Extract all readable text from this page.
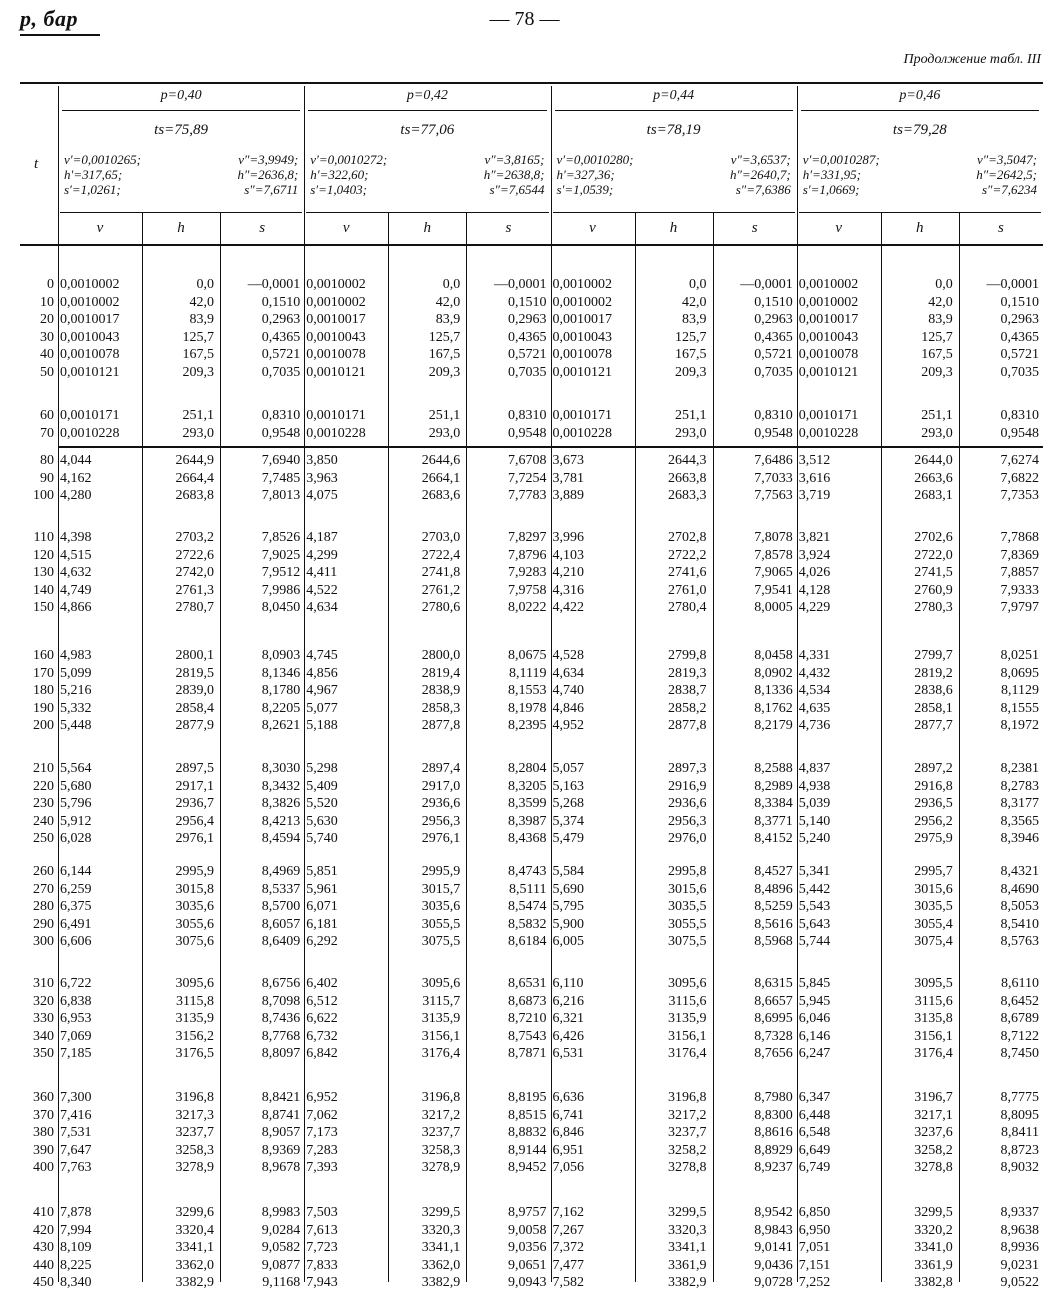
p, бар	— 78 —
Продолжение табл. III
t
p=0,40
ts=75,89
v′=0,0010265;	v″=3,9949;
h′=317,65;	h″=2636,8;
s′=1,0261;	s″=7,6711
v	h	s
p=0,42
ts=77,06
v′=0,0010272;	v″=3,8165;
h′=322,60;	h″=2638,8;
s′=1,0403;	s″=7,6544
v	h	s
p=0,44
ts=78,19
v′=0,0010280;	v″=3,6537;
h′=327,36;	h″=2640,7;
s′=1,0539;	s″=7,6386
v	h	s
p=0,46
ts=79,28
v′=0,0010287;	v″=3,5047;
h′=331,95;	h″=2642,5;
s′=1,0669;	s″=7,6234
v	h	s
0 0,0010002	0,0	—0,0001 0,0010002	0,0	—0,0001 0,0010002	0,0	—0,0001 0,0010002	0,0	—0,0001
10 0,0010002	42,0	0,1510 0,0010002	42,0	0,1510 0,0010002	42,0	0,1510 0,0010002	42,0	0,1510
20 0,0010017	83,9	0,2963 0,0010017	83,9	0,2963 0,0010017	83,9	0,2963 0,0010017	83,9	0,2963
30 0,0010043	125,7	0,4365 0,0010043	125,7	0,4365 0,0010043	125,7	0,4365 0,0010043	125,7	0,4365
40 0,0010078	167,5	0,5721 0,0010078	167,5	0,5721 0,0010078	167,5	0,5721 0,0010078	167,5	0,5721
50 0,0010121	209,3	0,7035 0,0010121	209,3	0,7035 0,0010121	209,3	0,7035 0,0010121	209,3	0,7035
60 0,0010171	251,1	0,8310 0,0010171	251,1	0,8310 0,0010171	251,1	0,8310 0,0010171	251,1	0,8310
70 0,0010228	293,0	0,9548 0,0010228	293,0	0,9548 0,0010228	293,0	0,9548 0,0010228	293,0	0,9548
80 4,044	2644,9	7,6940 3,850	2644,6	7,6708 3,673	2644,3	7,6486 3,512	2644,0	7,6274
90 4,162	2664,4	7,7485 3,963	2664,1	7,7254 3,781	2663,8	7,7033 3,616	2663,6	7,6822
100 4,280	2683,8	7,8013 4,075	2683,6	7,7783 3,889	2683,3	7,7563 3,719	2683,1	7,7353
110 4,398	2703,2	7,8526 4,187	2703,0	7,8297 3,996	2702,8	7,8078 3,821	2702,6	7,7868
120 4,515	2722,6	7,9025 4,299	2722,4	7,8796 4,103	2722,2	7,8578 3,924	2722,0	7,8369
130 4,632	2742,0	7,9512 4,411	2741,8	7,9283 4,210	2741,6	7,9065 4,026	2741,5	7,8857
140 4,749	2761,3	7,9986 4,522	2761,2	7,9758 4,316	2761,0	7,9541 4,128	2760,9	7,9333
150 4,866	2780,7	8,0450 4,634	2780,6	8,0222 4,422	2780,4	8,0005 4,229	2780,3	7,9797
160 4,983	2800,1	8,0903 4,745	2800,0	8,0675 4,528	2799,8	8,0458 4,331	2799,7	8,0251
170 5,099	2819,5	8,1346 4,856	2819,4	8,1119 4,634	2819,3	8,0902 4,432	2819,2	8,0695
180 5,216	2839,0	8,1780 4,967	2838,9	8,1553 4,740	2838,7	8,1336 4,534	2838,6	8,1129
190 5,332	2858,4	8,2205 5,077	2858,3	8,1978 4,846	2858,2	8,1762 4,635	2858,1	8,1555
200 5,448	2877,9	8,2621 5,188	2877,8	8,2395 4,952	2877,8	8,2179 4,736	2877,7	8,1972
210 5,564	2897,5	8,3030 5,298	2897,4	8,2804 5,057	2897,3	8,2588 4,837	2897,2	8,2381
220 5,680	2917,1	8,3432 5,409	2917,0	8,3205 5,163	2916,9	8,2989 4,938	2916,8	8,2783
230 5,796	2936,7	8,3826 5,520	2936,6	8,3599 5,268	2936,6	8,3384 5,039	2936,5	8,3177
240 5,912	2956,4	8,4213 5,630	2956,3	8,3987 5,374	2956,3	8,3771 5,140	2956,2	8,3565
250 6,028	2976,1	8,4594 5,740	2976,1	8,4368 5,479	2976,0	8,4152 5,240	2975,9	8,3946
260 6,144	2995,9	8,4969 5,851	2995,9	8,4743 5,584	2995,8	8,4527 5,341	2995,7	8,4321
270 6,259	3015,8	8,5337 5,961	3015,7	8,5111 5,690	3015,6	8,4896 5,442	3015,6	8,4690
280 6,375	3035,6	8,5700 6,071	3035,6	8,5474 5,795	3035,5	8,5259 5,543	3035,5	8,5053
290 6,491	3055,6	8,6057 6,181	3055,5	8,5832 5,900	3055,5	8,5616 5,643	3055,4	8,5410
300 6,606	3075,6	8,6409 6,292	3075,5	8,6184 6,005	3075,5	8,5968 5,744	3075,4	8,5763
310 6,722	3095,6	8,6756 6,402	3095,6	8,6531 6,110	3095,6	8,6315 5,845	3095,5	8,6110
320 6,838	3115,8	8,7098 6,512	3115,7	8,6873 6,216	3115,6	8,6657 5,945	3115,6	8,6452
330 6,953	3135,9	8,7436 6,622	3135,9	8,7210 6,321	3135,9	8,6995 6,046	3135,8	8,6789
340 7,069	3156,2	8,7768 6,732	3156,1	8,7543 6,426	3156,1	8,7328 6,146	3156,1	8,7122
350 7,185	3176,5	8,8097 6,842	3176,4	8,7871 6,531	3176,4	8,7656 6,247	3176,4	8,7450
360 7,300	3196,8	8,8421 6,952	3196,8	8,8195 6,636	3196,8	8,7980 6,347	3196,7	8,7775
370 7,416	3217,3	8,8741 7,062	3217,2	8,8515 6,741	3217,2	8,8300 6,448	3217,1	8,8095
380 7,531	3237,7	8,9057 7,173	3237,7	8,8832 6,846	3237,7	8,8616 6,548	3237,6	8,8411
390 7,647	3258,3	8,9369 7,283	3258,3	8,9144 6,951	3258,2	8,8929 6,649	3258,2	8,8723
400 7,763	3278,9	8,9678 7,393	3278,9	8,9452 7,056	3278,8	8,9237 6,749	3278,8	8,9032
410 7,878	3299,6	8,9983 7,503	3299,5	8,9757 7,162	3299,5	8,9542 6,850	3299,5	8,9337
420 7,994	3320,4	9,0284 7,613	3320,3	9,0058 7,267	3320,3	8,9843 6,950	3320,2	8,9638
430 8,109	3341,1	9,0582 7,723	3341,1	9,0356 7,372	3341,1	9,0141 7,051	3341,0	8,9936
440 8,225	3362,0	9,0877 7,833	3362,0	9,0651 7,477	3361,9	9,0436 7,151	3361,9	9,0231
450 8,340	3382,9	9,1168 7,943	3382,9	9,0943 7,582	3382,9	9,0728 7,252	3382,8	9,0522
